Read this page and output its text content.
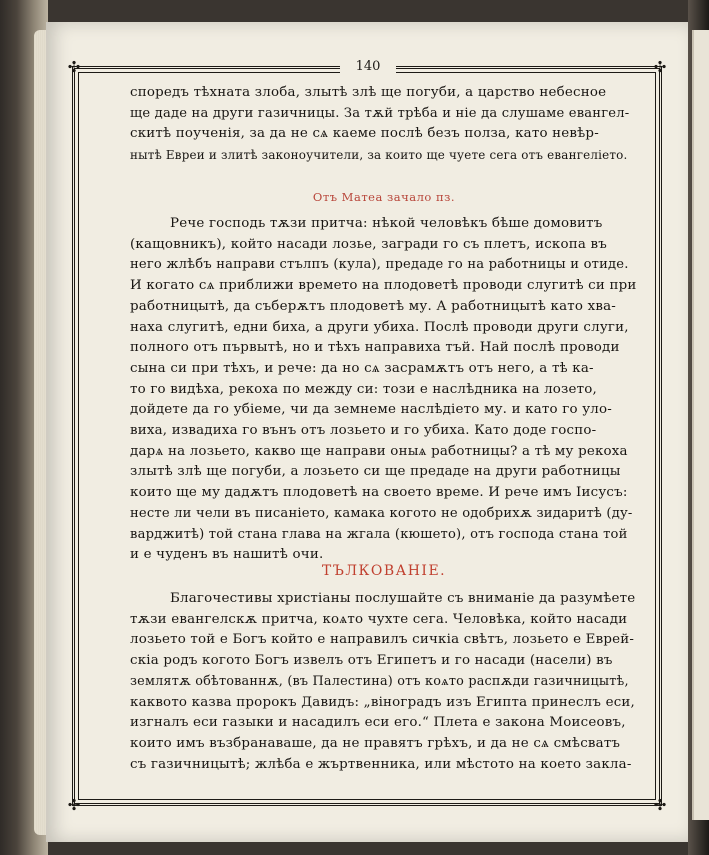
✣	✣
✣	✣
140
споредъ тѣхната злоба, злытѣ злѣ ще погуби, а царство небесное
ще даде на други газичницы. За тѫй трѣба и ніе да слушаме евангел-
скитѣ поученія, за да не сѧ каеме послѣ безъ полза, като невѣр-
нытѣ Евреи и злитѣ законоучители, за които ще чуете сега отъ евангеліето.
Отъ Матеа зачало пз.
Рече господь тѫзи притча: нѣкой человѣкъ бѣше домовитъ
(кащовникъ), който насади лозье, загради го съ плетъ, ископа въ
него жлѣбъ направи стълпъ (кула), предаде го на работницы и отиде.
И когато сѧ приближи времето на плодоветѣ проводи слугитѣ си при
работницытѣ, да съберѫтъ плодоветѣ му. А работницытѣ като хва-
наха слугитѣ, едни биха, а други убиха. Послѣ проводи други слуги,
полного отъ първытѣ, но и тѣхъ направиха тъй. Най послѣ проводи
сына си при тѣхъ, и рече: да но сѧ засрамѫтъ отъ него, а тѣ ка-
то го видѣха, рекоха по между си: този е наслѣдника на лозето,
дойдете да го убіеме, чи да земнеме наслѣдіето му. и като го уло-
виха, извадиха го вънъ отъ лозьето и го убиха. Като доде госпо-
дарѧ на лозьето, какво ще направи оныѧ работницы? а тѣ му рекоха
злытѣ злѣ ще погуби, а лозьето си ще предаде на други работницы
които ще му дадѫтъ плодоветѣ на своето време. И рече имъ Іисусъ:
несте ли чели въ писаніето, камака когото не одобрихѫ зидаритѣ (ду-
варджитѣ) той стана глава на жгала (кюшето), отъ господа стана той
и е чуденъ въ нашитѣ очи.
ТЪЛКОВАНІЕ.
Благочестивы христіаны послушайте съ вниманіе да разумѣете
тѫзи евангелскѫ притча, коѧто чухте сега. Человѣка, който насади
лозьето той е Богъ който е направилъ сичкіа свѣтъ, лозьето е Еврей-
скіа родъ когото Богъ извелъ отъ Египетъ и го насади (насели) въ
землятѫ обѣтованнѫ, (въ Палестина) отъ коѧто распѫди газичницытѣ,
каквото казва пророкъ Давидъ: „віноградъ изъ Египта принеслъ еси,
изгналъ еси газыки и насадилъ еси его.“ Плета е закона Моисеовъ,
които имъ възбранаваше, да не правятъ грѣхъ, и да не сѧ смѣсватъ
съ газичницытѣ; жлѣба е жъртвенника, или мѣстото на което закла-
